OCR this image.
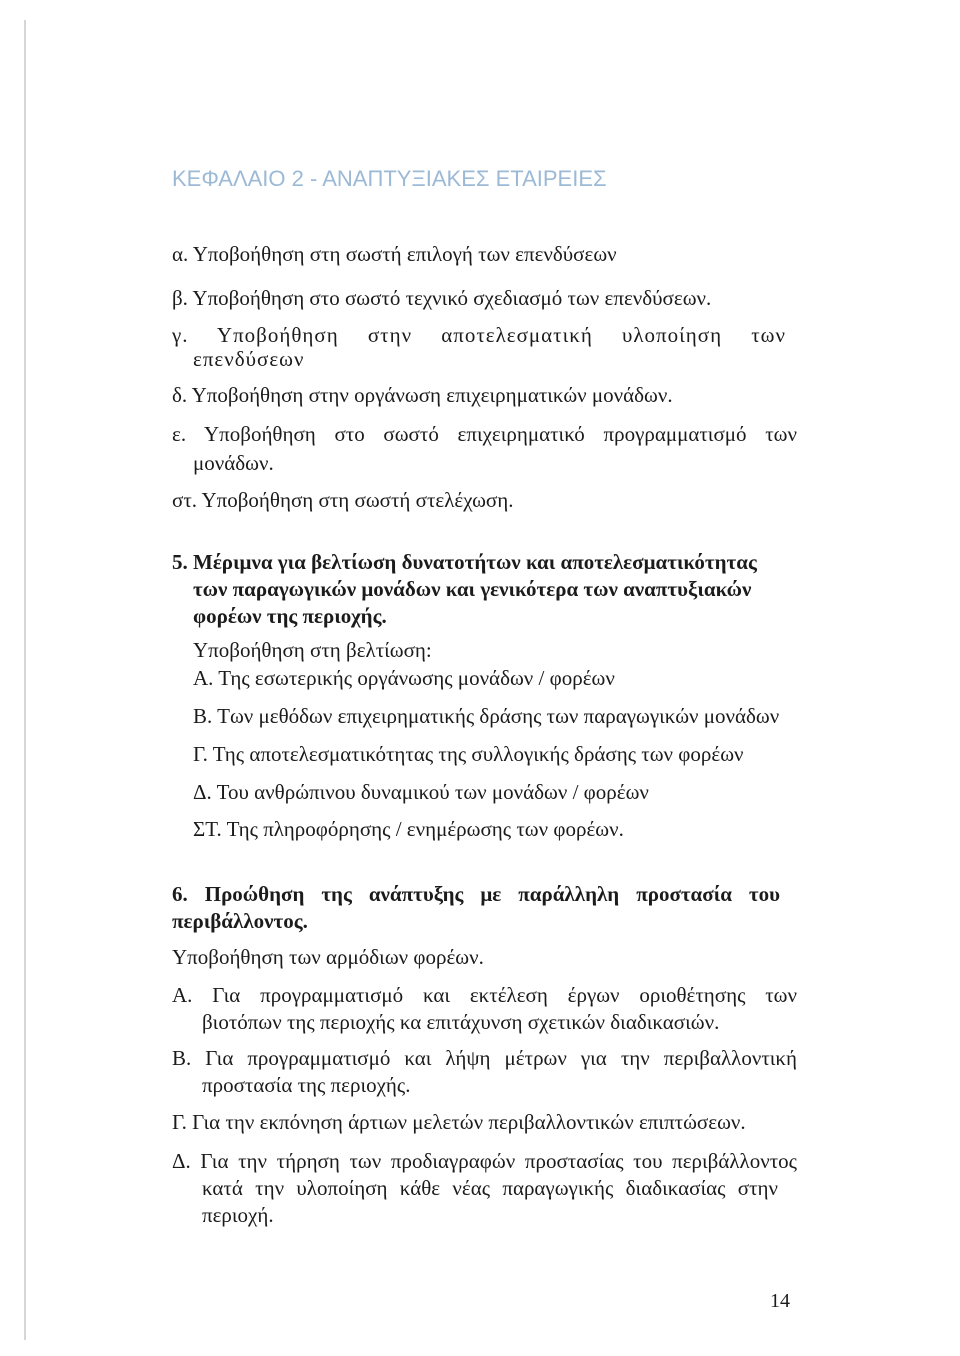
ΚΕΦΑΛΑΙΟ 2 - ΑΝΑΠΤΥΞΙΑΚΕΣ ΕΤΑΙΡΕΙΕΣ
α. Υποβοήθηση στη σωστή επιλογή των επενδύσεων
β. Υποβοήθηση στο σωστό τεχνικό σχεδιασμό των επενδύσεων.
γ. Υποβοήθηση στην αποτελεσματική υλοποίηση των
επενδύσεων
δ. Υποβοήθηση στην οργάνωση επιχειρηματικών μονάδων.
ε. Υποβοήθηση στο σωστό επιχειρηματικό προγραμματισμό των
μονάδων.
στ. Υποβοήθηση στη σωστή στελέχωση.
5. Μέριμνα για βελτίωση δυνατοτήτων και αποτελεσματικότητας
των παραγωγικών μονάδων και γενικότερα των αναπτυξιακών
φορέων της περιοχής.
Υποβοήθηση στη βελτίωση:
Α. Της εσωτερικής οργάνωσης μονάδων / φορέων
Β. Των μεθόδων επιχειρηματικής δράσης των παραγωγικών μονάδων
Γ. Της αποτελεσματικότητας της συλλογικής δράσης των φορέων
Δ. Του ανθρώπινου δυναμικού των μονάδων / φορέων
ΣΤ. Της πληροφόρησης / ενημέρωσης των φορέων.
6. Προώθηση της ανάπτυξης με παράλληλη προστασία του
περιβάλλοντος.
Υποβοήθηση των αρμόδιων φορέων.
Α. Για προγραμματισμό και εκτέλεση έργων οριοθέτησης των
βιοτόπων της περιοχής κα επιτάχυνση σχετικών διαδικασιών.
Β. Για προγραμματισμό και λήψη μέτρων για την περιβαλλοντική
προστασία της περιοχής.
Γ. Για την εκπόνηση άρτιων μελετών περιβαλλοντικών επιπτώσεων.
Δ. Για την τήρηση των προδιαγραφών προστασίας του περιβάλλοντος
κατά την υλοποίηση κάθε νέας παραγωγικής διαδικασίας στην
περιοχή.
14
